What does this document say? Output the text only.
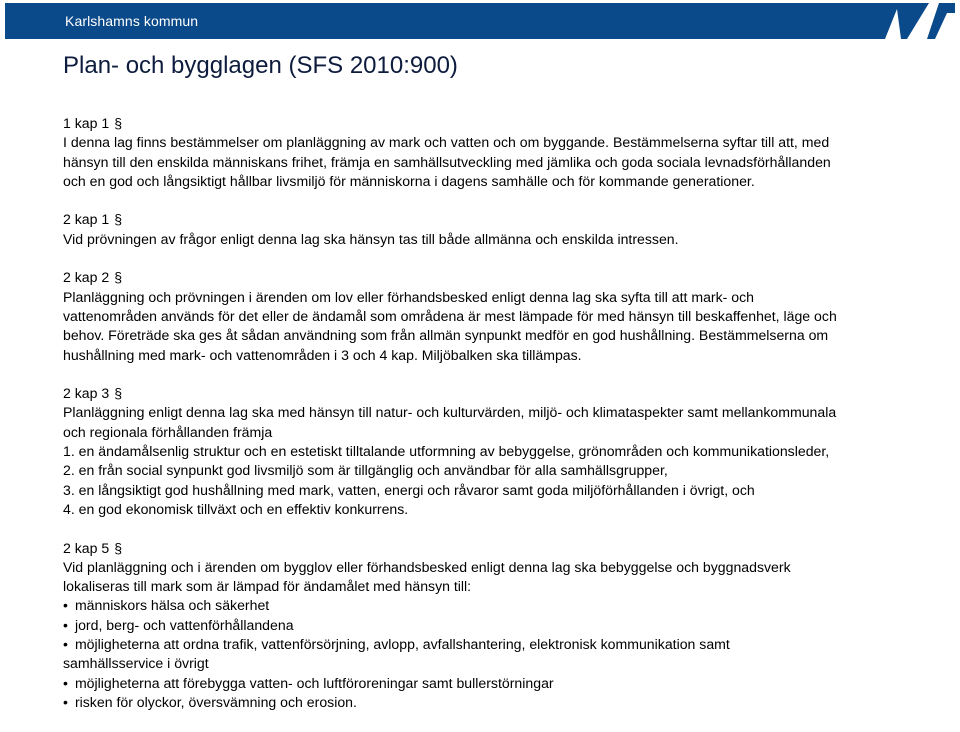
Karlshamns kommun
Plan- och bygglagen (SFS 2010:900)
1 kap 1 §
I denna lag finns bestämmelser om planläggning av mark och vatten och om byggande. Bestämmelserna syftar till att, med
hänsyn till den enskilda människans frihet, främja en samhällsutveckling med jämlika och goda sociala levnadsförhållanden
och en god och långsiktigt hållbar livsmiljö för människorna i dagens samhälle och för kommande generationer.
2 kap 1 §
Vid prövningen av frågor enligt denna lag ska hänsyn tas till både allmänna och enskilda intressen.
2 kap 2 §
Planläggning och prövningen i ärenden om lov eller förhandsbesked enligt denna lag ska syfta till att mark- och
vattenområden används för det eller de ändamål som områdena är mest lämpade för med hänsyn till beskaffenhet, läge och
behov. Företräde ska ges åt sådan användning som från allmän synpunkt medför en god hushållning. Bestämmelserna om
hushållning med mark- och vattenområden i 3 och 4 kap. Miljöbalken ska tillämpas.
2 kap 3 §
Planläggning enligt denna lag ska med hänsyn till natur- och kulturvärden, miljö- och klimataspekter samt mellankommunala
och regionala förhållanden främja
1. en ändamålsenlig struktur och en estetiskt tilltalande utformning av bebyggelse, grönområden och kommunikationsleder,
2. en från social synpunkt god livsmiljö som är tillgänglig och användbar för alla samhällsgrupper,
3. en långsiktigt god hushållning med mark, vatten, energi och råvaror samt goda miljöförhållanden i övrigt, och
4. en god ekonomisk tillväxt och en effektiv konkurrens.
2 kap 5 §
Vid planläggning och i ärenden om bygglov eller förhandsbesked enligt denna lag ska bebyggelse och byggnadsverk
lokaliseras till mark som är lämpad för ändamålet med hänsyn till:
• människors hälsa och säkerhet
• jord, berg- och vattenförhållandena
• möjligheterna att ordna trafik, vattenförsörjning, avlopp, avfallshantering, elektronisk kommunikation samt
samhällsservice i övrigt
• möjligheterna att förebygga vatten- och luftföroreningar samt bullerstörningar
• risken för olyckor, översvämning och erosion.
